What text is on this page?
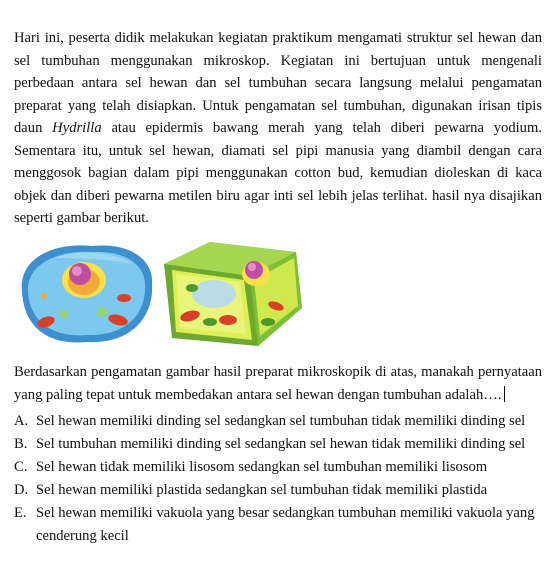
Hari ini, peserta didik melakukan kegiatan praktikum mengamati struktur sel hewan dan sel tumbuhan menggunakan mikroskop. Kegiatan ini bertujuan untuk mengenali perbedaan antara sel hewan dan sel tumbuhan secara langsung melalui pengamatan preparat yang telah disiapkan. Untuk pengamatan sel tumbuhan, digunakan irisan tipis daun Hydrilla atau epidermis bawang merah yang telah diberi pewarna yodium. Sementara itu, untuk sel hewan, diamati sel pipi manusia yang diambil dengan cara menggosok bagian dalam pipi menggunakan cotton bud, kemudian dioleskan di kaca objek dan diberi pewarna metilen biru agar inti sel lebih jelas terlihat. hasil nya disajikan seperti gambar berikut.

Berdasarkan pengamatan gambar hasil preparat mikroskopik di atas, manakah pernyataan yang paling tepat untuk membedakan antara sel hewan dengan tumbuhan adalah….

A. Sel hewan memiliki dinding sel sedangkan sel tumbuhan tidak memiliki dinding sel
B. Sel tumbuhan memiliki dinding sel sedangkan sel hewan tidak memiliki dinding sel
C. Sel hewan tidak memiliki lisosom sedangkan sel tumbuhan memiliki lisosom
D. Sel hewan memiliki plastida sedangkan sel tumbuhan tidak memiliki plastida
E. Sel hewan memiliki vakuola yang besar sedangkan tumbuhan memiliki vakuola yang cenderung kecil
